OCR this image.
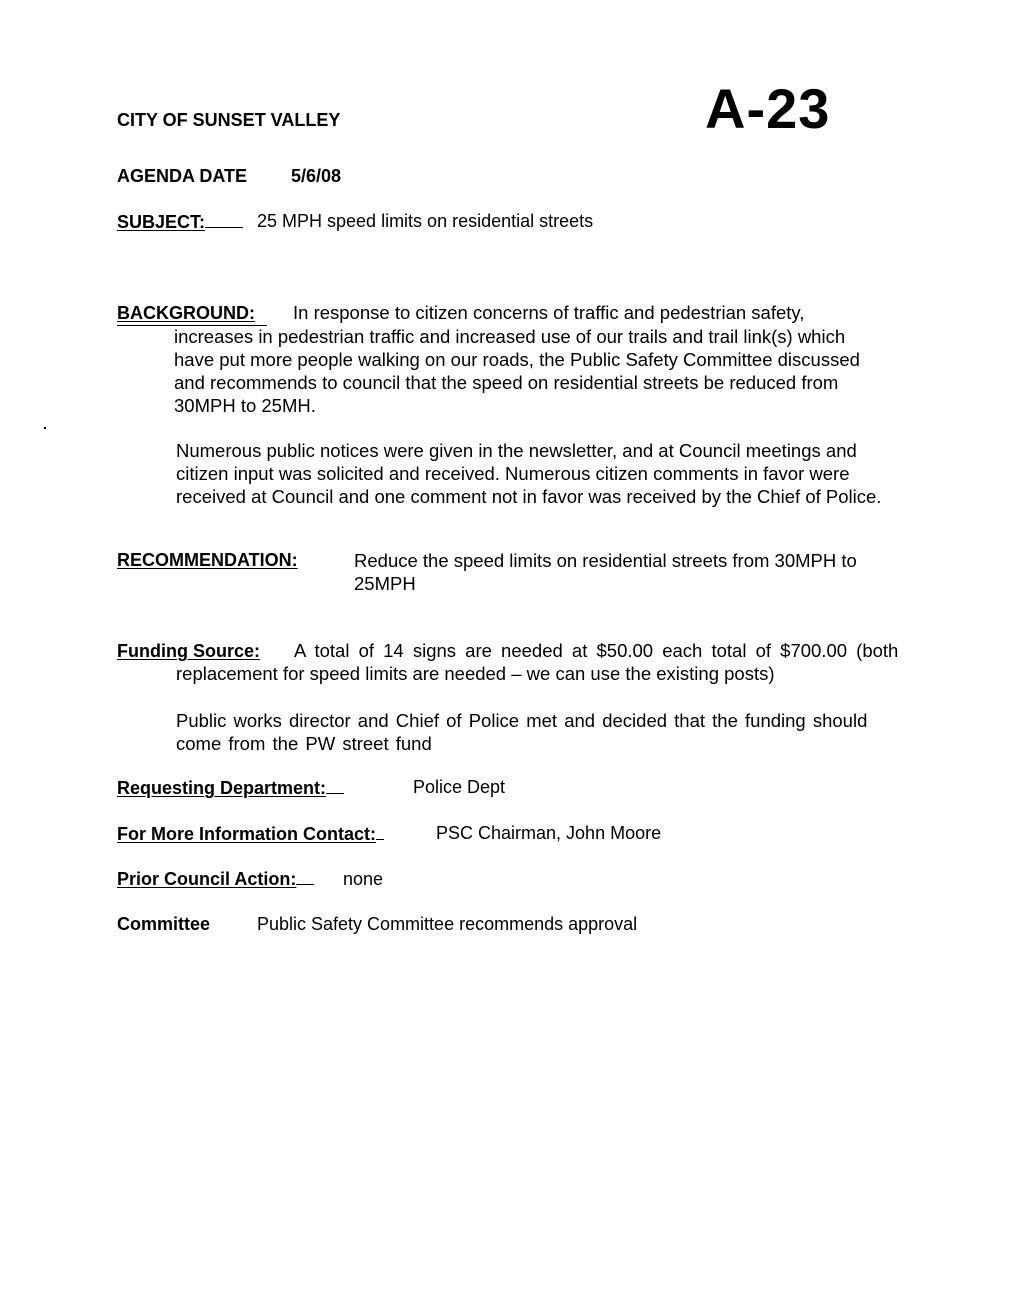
CITY OF SUNSET VALLEY	A-23
AGENDA DATE 5/6/08
SUBJECT:	25 MPH speed limits on residential streets
BACKGROUND: In response to citizen concerns of traffic and pedestrian safety,
increases in pedestrian traffic and increased use of our trails and trail link(s) which
have put more people walking on our roads, the Public Safety Committee discussed
and recommends to council that the speed on residential streets be reduced from
30MPH to 25MH.
Numerous public notices were given in the newsletter, and at Council meetings and
citizen input was solicited and received. Numerous citizen comments in favor were
received at Council and one comment not in favor was received by the Chief of Police.
RECOMMENDATION:	Reduce the speed limits on residential streets from 30MPH to
25MPH
Funding Source: A total of 14 signs are needed at $50.00 each total of $700.00 (both
replacement for speed limits are needed – we can use the existing posts)
Public works director and Chief of Police met and decided that the funding should
come from the PW street fund
Requesting Department:	Police Dept
For More Information Contact:	PSC Chairman, John Moore
Prior Council Action:	none
Committee	Public Safety Committee recommends approval
